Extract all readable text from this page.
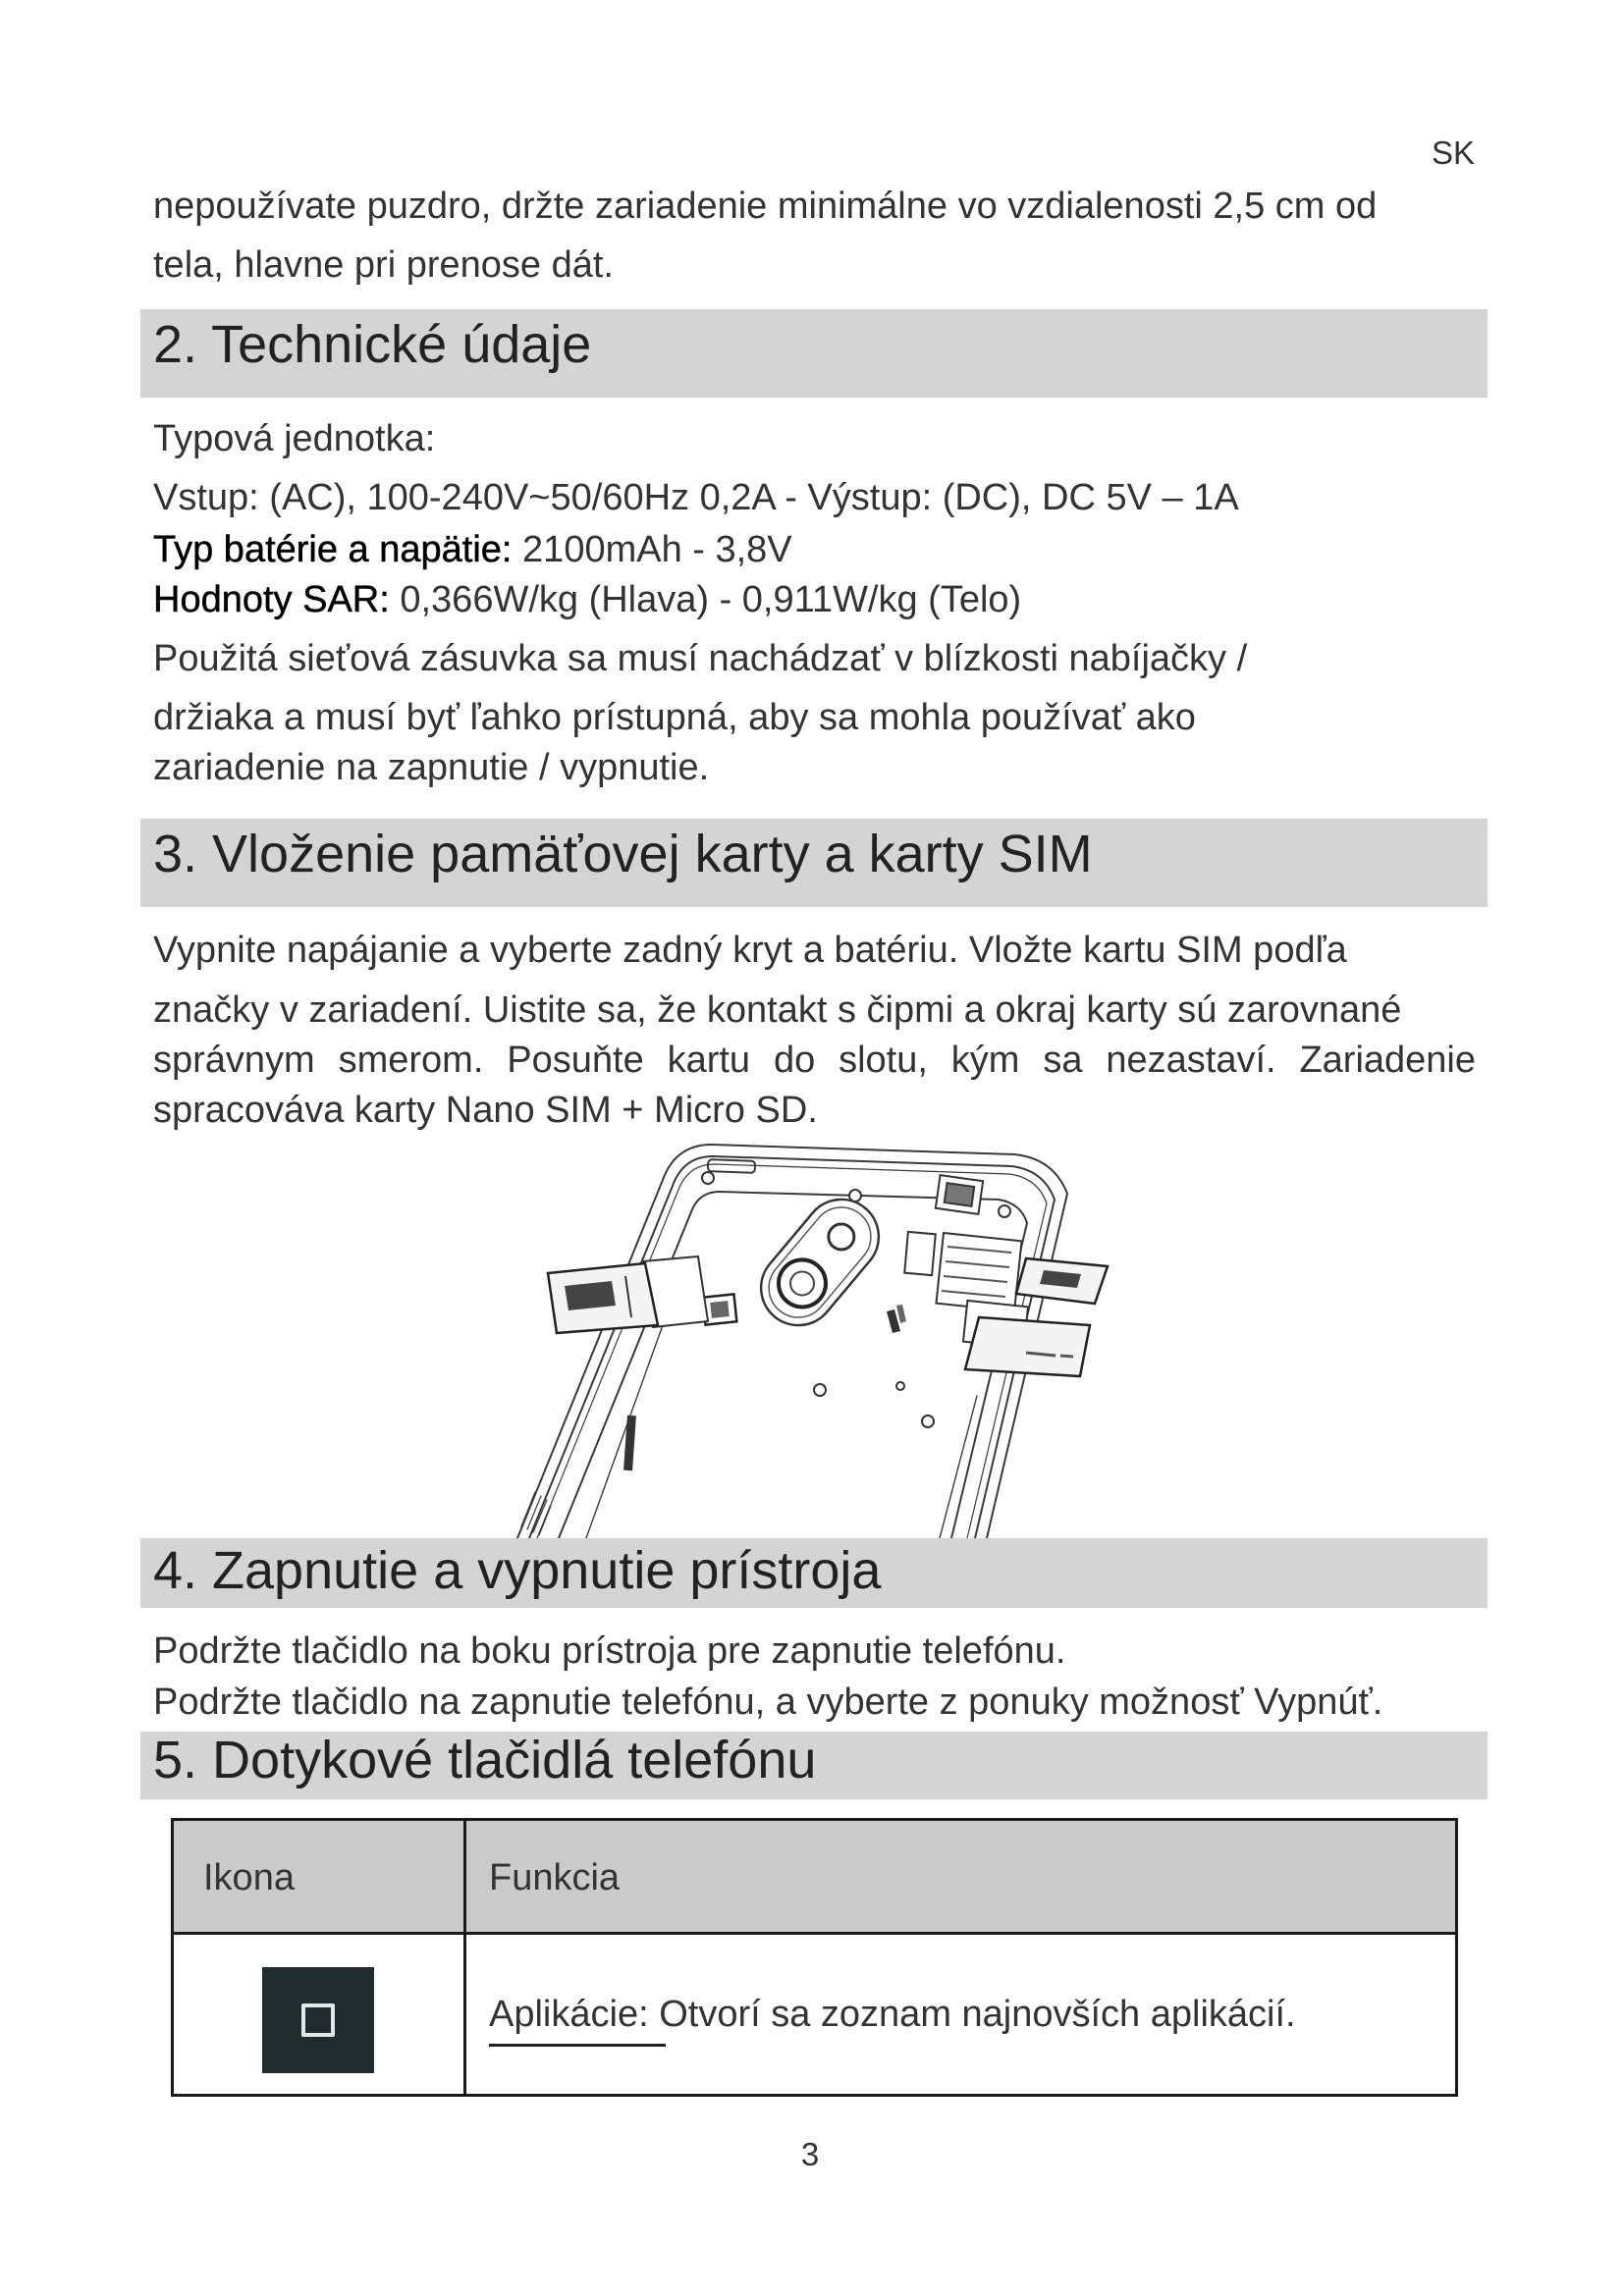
SK
nepoužívate puzdro, držte zariadenie minimálne vo vzdialenosti 2,5 cm od
tela, hlavne pri prenose dát.
2. Technické údaje
Typová jednotka:
Vstup: (AC), 100-240V~50/60Hz 0,2A - Výstup: (DC), DC 5V – 1A
Typ batérie a napätie: 2100mAh - 3,8V
Hodnoty SAR: 0,366W/kg (Hlava) - 0,911W/kg (Telo)
Použitá sieťová zásuvka sa musí nachádzať v blízkosti nabíjačky /
držiaka a musí byť ľahko prístupná, aby sa mohla používať ako
zariadenie na zapnutie / vypnutie.
3. Vloženie pamäťovej karty a karty SIM
Vypnite napájanie a vyberte zadný kryt a batériu. Vložte kartu SIM podľa
značky v zariadení. Uistite sa, že kontakt s čipmi a okraj karty sú zarovnané
správnym smerom. Posuňte kartu do slotu, kým sa nezastaví. Zariadenie
spracováva karty Nano SIM + Micro SD.
4. Zapnutie a vypnutie prístroja
Podržte tlačidlo na boku prístroja pre zapnutie telefónu.
Podržte tlačidlo na zapnutie telefónu, a vyberte z ponuky možnosť Vypnúť.
5. Dotykové tlačidlá telefónu
Ikona	Funkcia
Aplikácie: Otvorí sa zoznam najnovších aplikácií.
3
